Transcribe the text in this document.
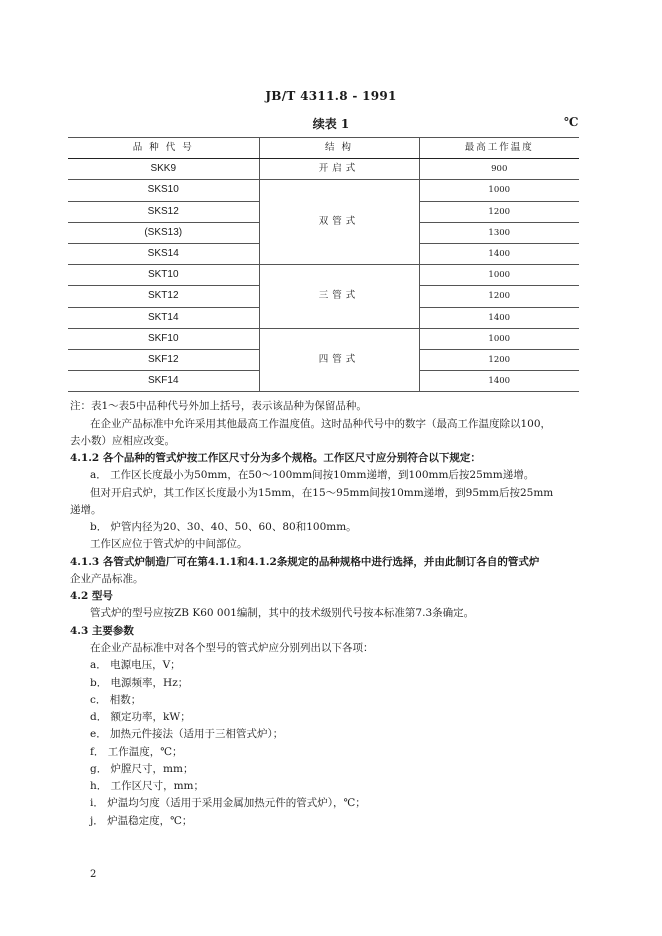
JB/T 4311.8 - 1991
续表 1	℃
品 种 代 号	结 构	最高工作温度
SKK9	开启式	900
SKS10	双管式	1000
SKS12		1200
(SKS13)		1300
SKS14		1400
SKT10	三管式	1000
SKT12		1200
SKT14		1400
SKF10	四管式	1000
SKF12		1200
SKF14		1400
注：表1～表5中品种代号外加上括号，表示该品种为保留品种。
在企业产品标准中允许采用其他最高工作温度值。这时品种代号中的数字（最高工作温度除以100，
去小数）应相应改变。
4.1.2 各个品种的管式炉按工作区尺寸分为多个规格。工作区尺寸应分别符合以下规定：
a． 工作区长度最小为50mm，在50～100mm间按10mm递增，到100mm后按25mm递增。
但对开启式炉，其工作区长度最小为15mm，在15～95mm间按10mm递增，到95mm后按25mm
递增。
b． 炉管内径为20、30、40、50、60、80和100mm。
工作区应位于管式炉的中间部位。
4.1.3 各管式炉制造厂可在第4.1.1和4.1.2条规定的品种规格中进行选择，并由此制订各自的管式炉
企业产品标准。
4.2 型号
管式炉的型号应按ZB K60 001编制，其中的技术级别代号按本标准第7.3条确定。
4.3 主要参数
在企业产品标准中对各个型号的管式炉应分别列出以下各项：
a． 电源电压，V；
b． 电源频率，Hz；
c． 相数；
d． 额定功率，kW；
e． 加热元件接法（适用于三相管式炉）；
f． 工作温度，℃；
g． 炉膛尺寸，mm；
h． 工作区尺寸，mm；
i． 炉温均匀度（适用于采用金属加热元件的管式炉），℃；
j． 炉温稳定度，℃；
2
